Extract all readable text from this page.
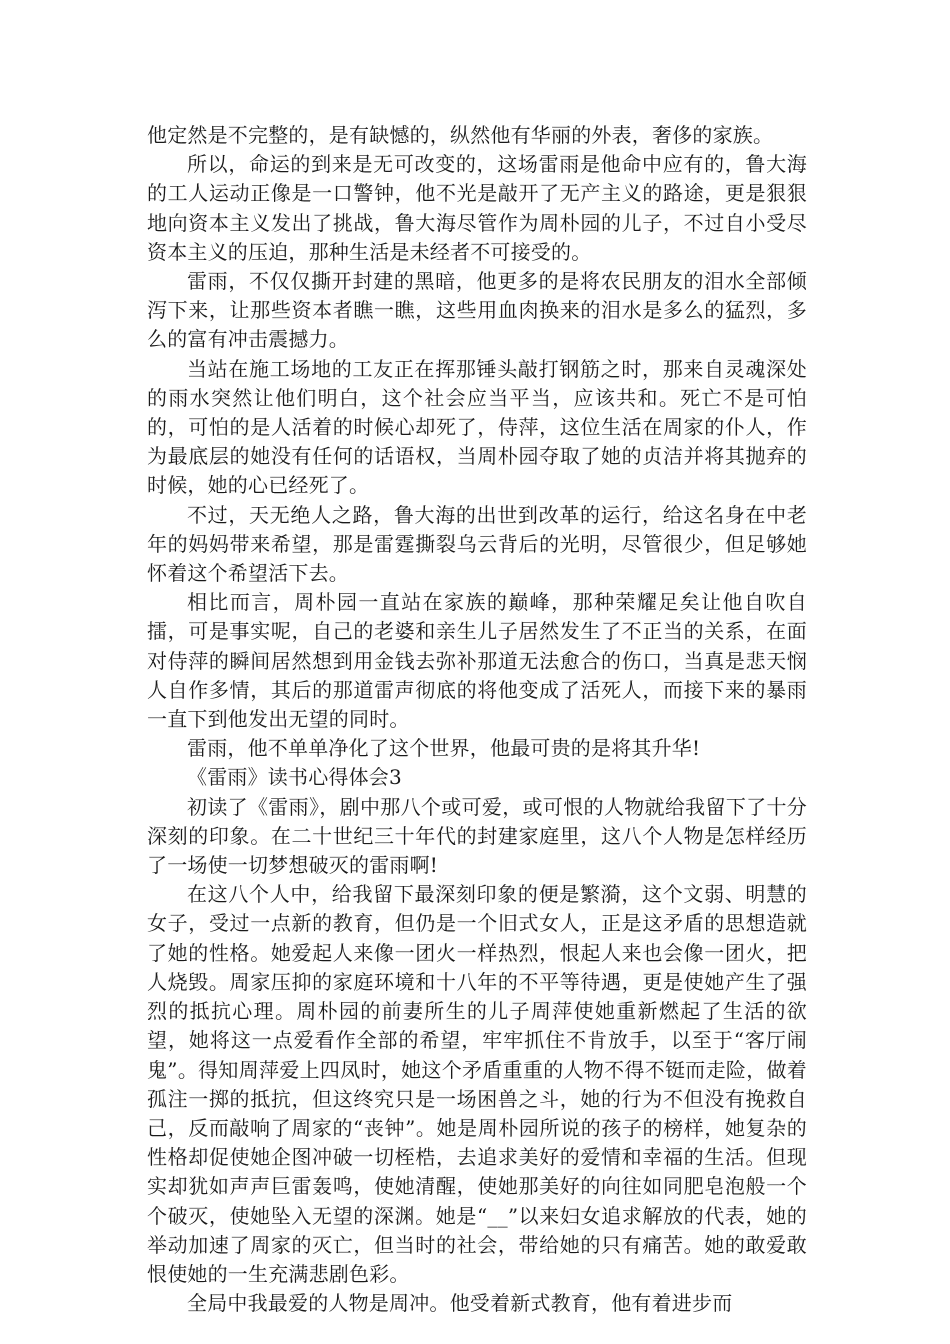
他定然是不完整的，是有缺憾的，纵然他有华丽的外表，奢侈的家族。

所以，命运的到来是无可改变的，这场雷雨是他命中应有的，鲁大海的工人运动正像是一口警钟，他不光是敲开了无产主义的路途，更是狠狠地向资本主义发出了挑战，鲁大海尽管作为周朴园的儿子，不过自小受尽资本主义的压迫，那种生活是未经者不可接受的。

雷雨，不仅仅撕开封建的黑暗，他更多的是将农民朋友的泪水全部倾泻下来，让那些资本者瞧一瞧，这些用血肉换来的泪水是多么的猛烈，多么的富有冲击震撼力。

当站在施工场地的工友正在挥那锤头敲打钢筋之时，那来自灵魂深处的雨水突然让他们明白，这个社会应当平当，应该共和。死亡不是可怕的，可怕的是人活着的时候心却死了，侍萍，这位生活在周家的仆人，作为最底层的她没有任何的话语权，当周朴园夺取了她的贞洁并将其抛弃的时候，她的心已经死了。

不过，天无绝人之路，鲁大海的出世到改革的运行，给这名身在中老年的妈妈带来希望，那是雷霆撕裂乌云背后的光明，尽管很少，但足够她怀着这个希望活下去。

相比而言，周朴园一直站在家族的巅峰，那种荣耀足矣让他自吹自擂，可是事实呢，自己的老婆和亲生儿子居然发生了不正当的关系，在面对侍萍的瞬间居然想到用金钱去弥补那道无法愈合的伤口，当真是悲天悯人自作多情，其后的那道雷声彻底的将他变成了活死人，而接下来的暴雨一直下到他发出无望的同时。

雷雨，他不单单净化了这个世界，他最可贵的是将其升华!

《雷雨》读书心得体会3

初读了《雷雨》，剧中那八个或可爱，或可恨的人物就给我留下了十分深刻的印象。在二十世纪三十年代的封建家庭里，这八个人物是怎样经历了一场使一切梦想破灭的雷雨啊!

在这八个人中，给我留下最深刻印象的便是繁漪，这个文弱、明慧的女子，受过一点新的教育，但仍是一个旧式女人，正是这矛盾的思想造就了她的性格。她爱起人来像一团火一样热烈，恨起人来也会像一团火，把人烧毁。周家压抑的家庭环境和十八年的不平等待遇，更是使她产生了强烈的抵抗心理。周朴园的前妻所生的儿子周萍使她重新燃起了生活的欲望，她将这一点爱看作全部的希望，牢牢抓住不肯放手，以至于“客厅闹鬼”。得知周萍爱上四凤时，她这个矛盾重重的人物不得不铤而走险，做着孤注一掷的抵抗，但这终究只是一场困兽之斗，她的行为不但没有挽救自己，反而敲响了周家的“丧钟”。她是周朴园所说的孩子的榜样，她复杂的性格却促使她企图冲破一切桎梏，去追求美好的爱情和幸福的生活。但现实却犹如声声巨雷轰鸣，使她清醒，使她那美好的向往如同肥皂泡般一个个破灭，使她坠入无望的深渊。她是“__”以来妇女追求解放的代表，她的举动加速了周家的灭亡，但当时的社会，带给她的只有痛苦。她的敢爱敢恨使她的一生充满悲剧色彩。

全局中我最爱的人物是周冲。他受着新式教育，他有着进步而
